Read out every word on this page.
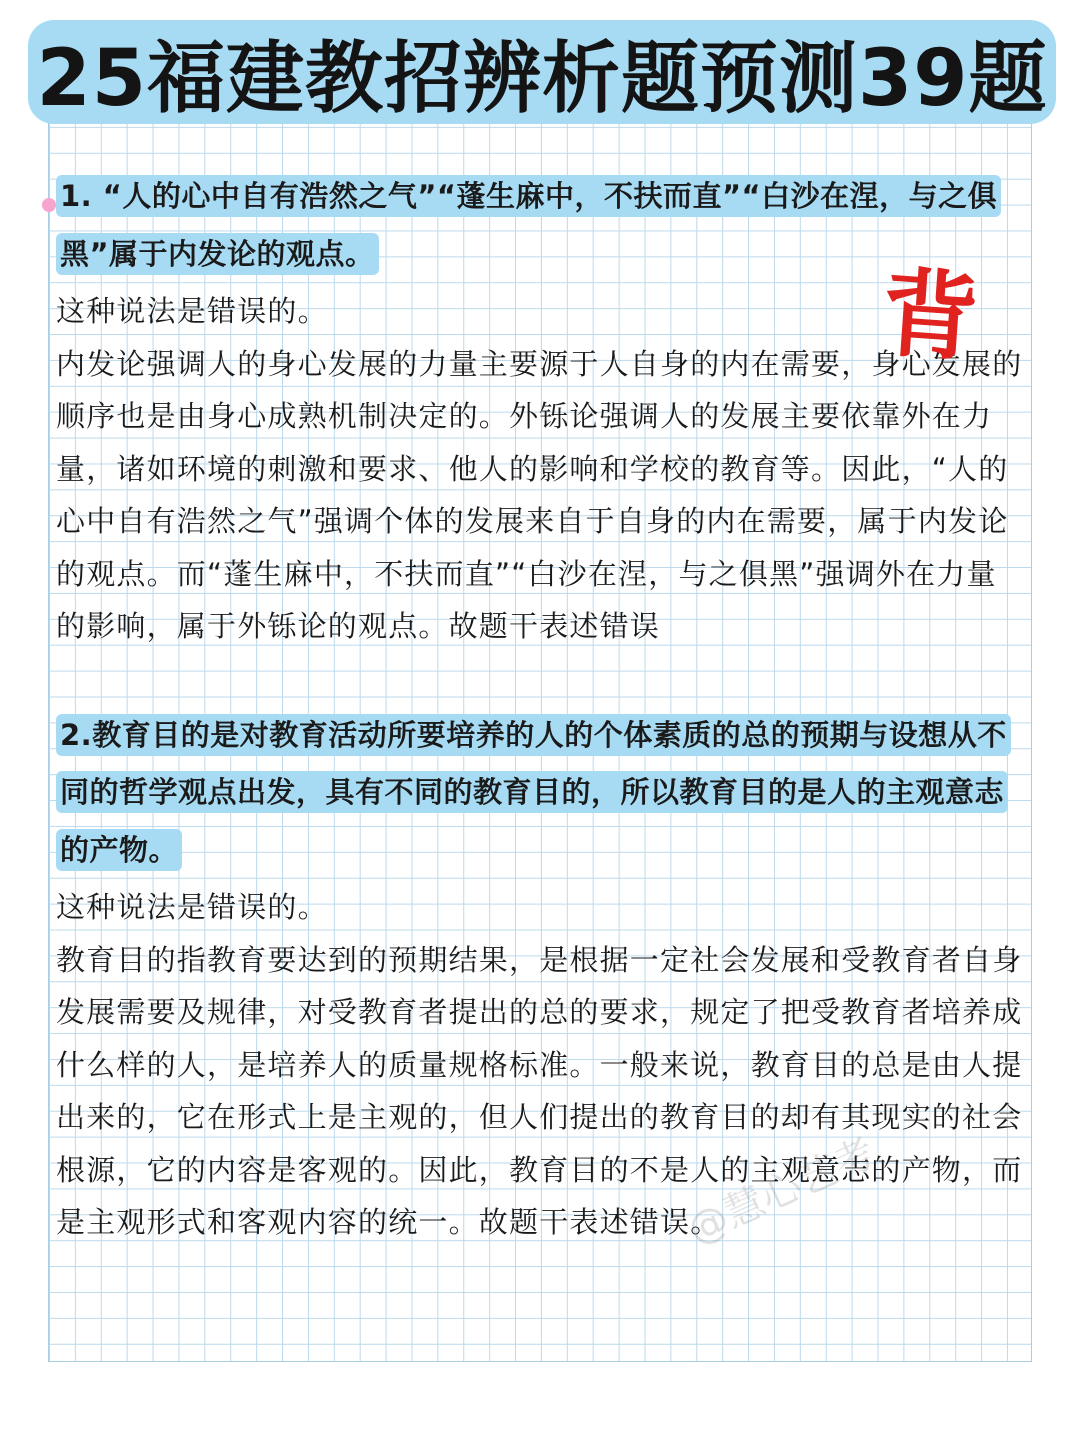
25福建教招辨析题预测39题
1. “人的心中自有浩然之气”“蓬生麻中，不扶而直”“白沙在涅，与之俱黑”属于内发论的观点。

这种说法是错误的。

内发论强调人的身心发展的力量主要源于人自身的内在需要，身心发展的顺序也是由身心成熟机制决定的。外铄论强调人的发展主要依靠外在力量，诸如环境的刺激和要求、他人的影响和学校的教育等。因此，“人的心中自有浩然之气”强调个体的发展来自于自身的内在需要，属于内发论的观点。而“蓬生麻中，不扶而直”“白沙在涅，与之俱黑”强调外在力量的影响，属于外铄论的观点。故题干表述错误

2.教育目的是对教育活动所要培养的人的个体素质的总的预期与设想从不同的哲学观点出发，具有不同的教育目的，所以教育目的是人的主观意志的产物。

这种说法是错误的。

教育目的指教育要达到的预期结果，是根据一定社会发展和受教育者自身发展需要及规律，对受教育者提出的总的要求，规定了把受教育者培养成什么样的人，是培养人的质量规格标准。一般来说，教育目的总是由人提出来的，它在形式上是主观的，但人们提出的教育目的却有其现实的社会根源，它的内容是客观的。因此，教育目的不是人的主观意志的产物，而是主观形式和客观内容的统一。故题干表述错误。

背
@慧心艺考
